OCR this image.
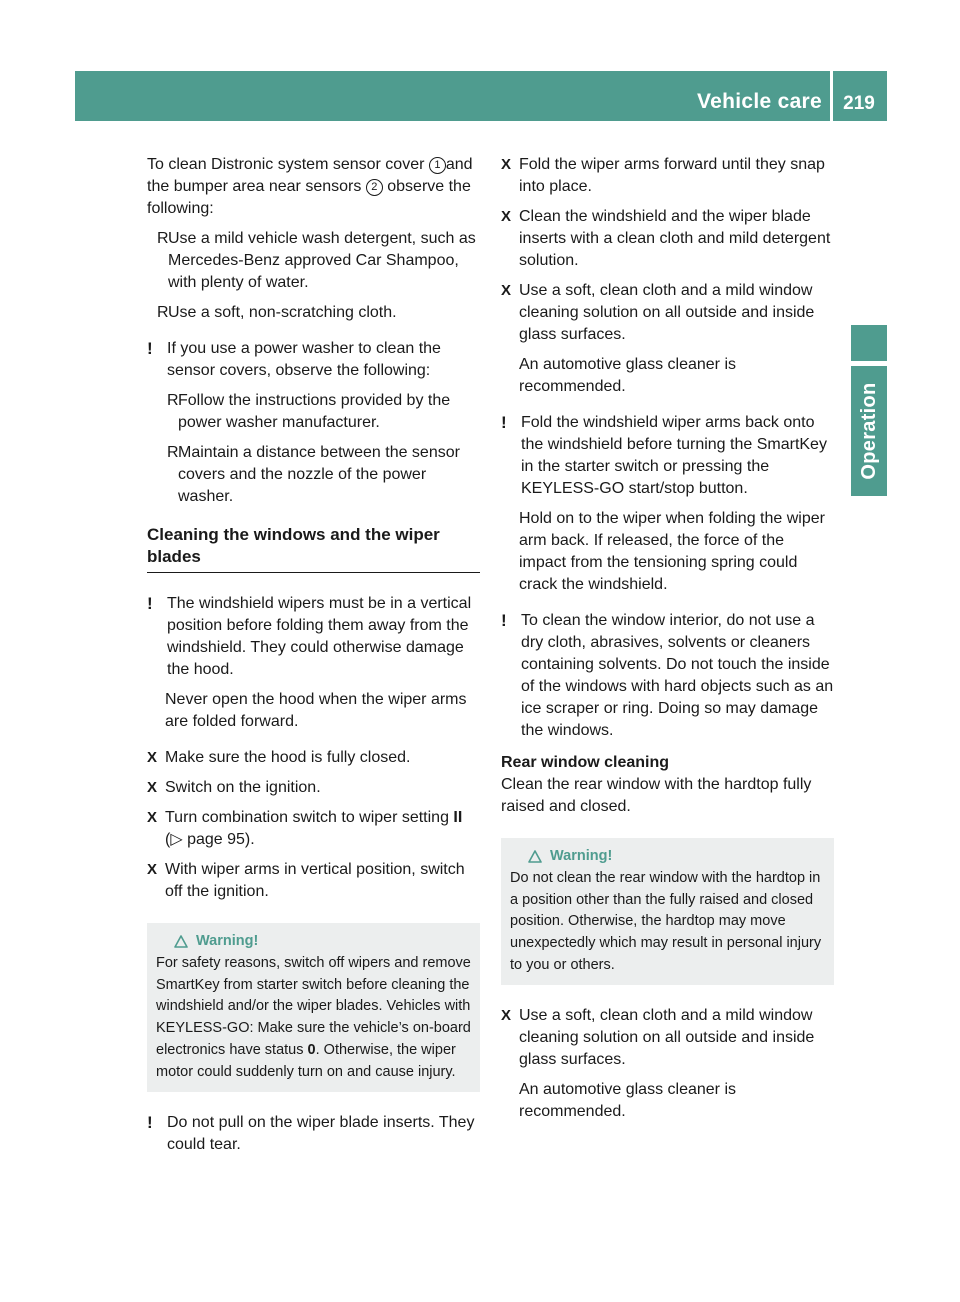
Vehicle care	219
Operation

To clean Distronic system sensor cover 1 and the bumper area near sensors 2 observe the following:

R Use a mild vehicle wash detergent, such as Mercedes-Benz approved Car Shampoo, with plenty of water.
R Use a soft, non-scratching cloth.
! If you use a power washer to clean the sensor covers, observe the following:
R Follow the instructions provided by the power washer manufacturer.
R Maintain a distance between the sensor covers and the nozzle of the power washer.
Cleaning the windows and the wiper blades
! The windshield wipers must be in a vertical position before folding them away from the windshield. They could otherwise damage the hood.

Never open the hood when the wiper arms are folded forward.

X Make sure the hood is fully closed.
X Switch on the ignition.
X Turn combination switch to wiper setting II (▷ page 95).
X With wiper arms in vertical position, switch off the ignition.
Warning!

For safety reasons, switch off wipers and remove SmartKey from starter switch before cleaning the windshield and/or the wiper blades. Vehicles with KEYLESS-GO: Make sure the vehicle’s on-board electronics have status 0. Otherwise, the wiper motor could suddenly turn on and cause injury.

! Do not pull on the wiper blade inserts. They could tear.
X Fold the wiper arms forward until they snap into place.
X Clean the windshield and the wiper blade inserts with a clean cloth and mild detergent solution.
X Use a soft, clean cloth and a mild window cleaning solution on all outside and inside glass surfaces.

An automotive glass cleaner is recommended.

! Fold the windshield wiper arms back onto the windshield before turning the SmartKey in the starter switch or pressing the KEYLESS-GO start/stop button.

Hold on to the wiper when folding the wiper arm back. If released, the force of the impact from the tensioning spring could crack the windshield.

! To clean the window interior, do not use a dry cloth, abrasives, solvents or cleaners containing solvents. Do not touch the inside of the windows with hard objects such as an ice scraper or ring. Doing so may damage the windows.

Rear window cleaning

Clean the rear window with the hardtop fully raised and closed.

Warning!

Do not clean the rear window with the hardtop in a position other than the fully raised and closed position. Otherwise, the hardtop may move unexpectedly which may result in personal injury to you or others.

X Use a soft, clean cloth and a mild window cleaning solution on all outside and inside glass surfaces.

An automotive glass cleaner is recommended.
